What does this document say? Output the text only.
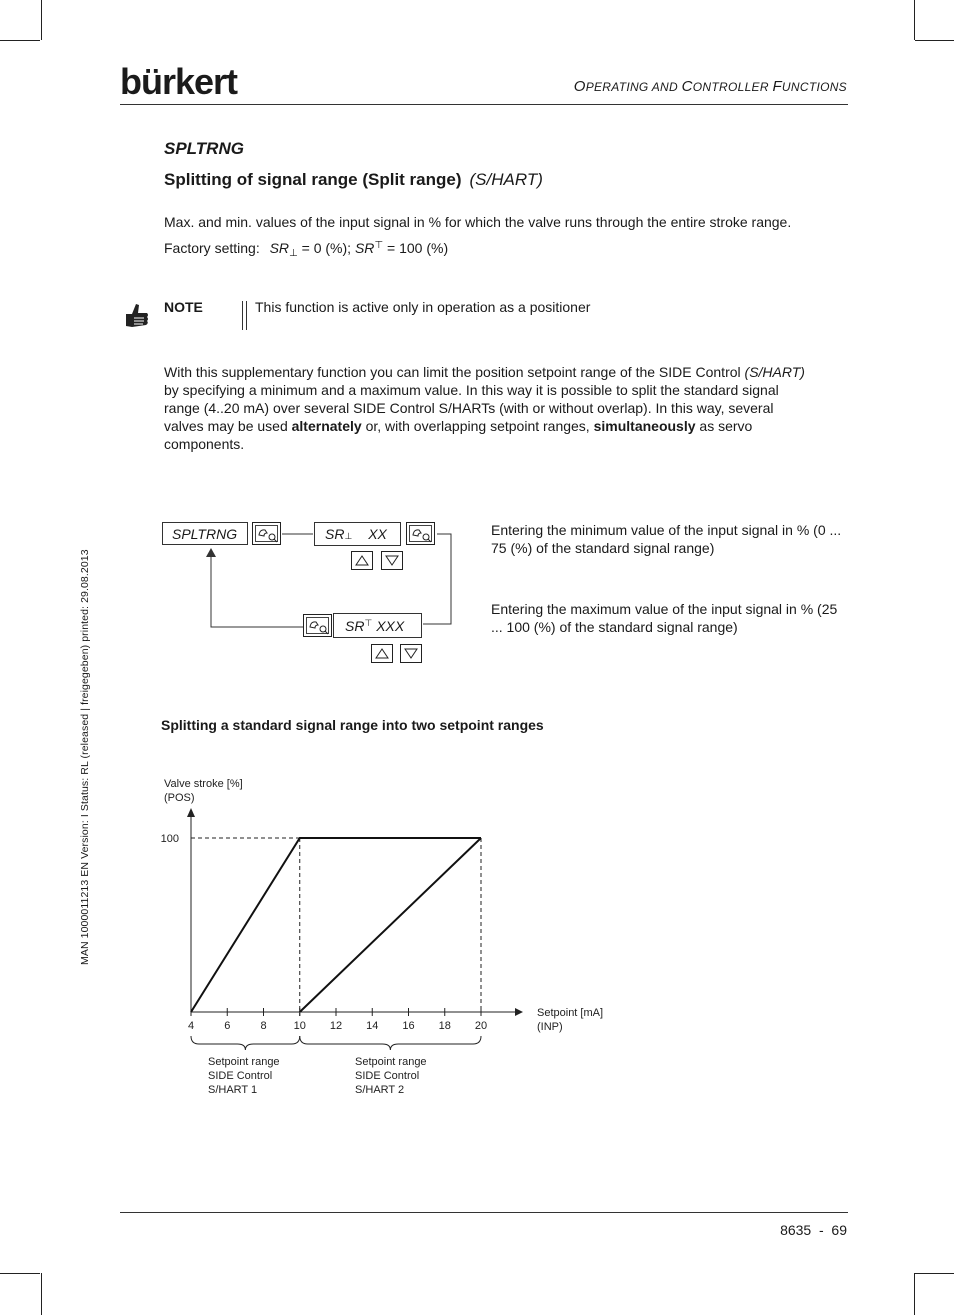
bürkert	OPERATING AND CONTROLLER FUNCTIONS
SPLTRNG
Splitting of signal range (Split range) (S/HART)
Max. and min. values of the input signal in % for which the valve runs through the entire stroke range.
Factory setting: $SR_\perp = 0$ (%); SR⊤ = 100 (%)
NOTE	This function is active only in operation as a positioner
With this supplementary function you can limit the position setpoint range of the SIDE Control (S/HART)
by specifying a minimum and a maximum value. In this way it is possible to split the standard signal
range (4..20 mA) over several SIDE Control S/HARTs (with or without overlap). In this way, several
valves may be used alternately or, with overlapping setpoint ranges, simultaneously as servo
components.
SPLTRNG	SR⊥ XX
SR⊤ XXX
Entering the minimum value of the input signal in % (0 ... 75 (%) of the standard signal range)
Entering the maximum value of the input signal in % (25 ... 100 (%) of the standard signal range)
Splitting a standard signal range into two setpoint ranges
Valve stroke [%]
(POS)
Setpoint [mA]
(INP)
4	6	8 10 12 14 16 18 20
100
Setpoint range
SIDE Control
S/HART 1
Setpoint range
SIDE Control
S/HART 2
MAN 1000011213 EN Version: I Status: RL (released | freigegeben) printed: 29.08.2013
8635  -  69
